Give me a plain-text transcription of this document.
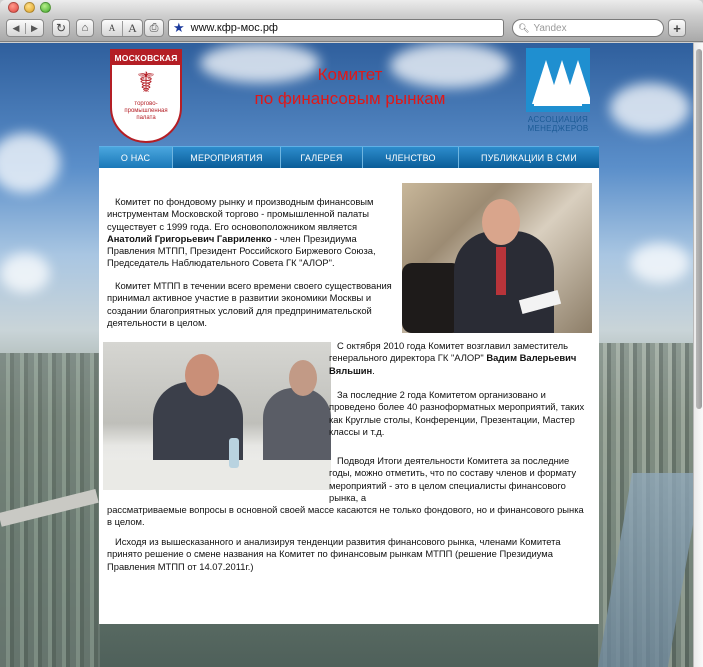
◀	▶	↻ ⌂	A	A	⎙ ★ www.кфр-мос.рф	🔍︎ Yandex	+
МОСКОВСКАЯ
☤
торгово-промышленная палата
Комитет
по финансовым рынкам
АССОЦИАЦИЯ
МЕНЕДЖЕРОВ
О НАС	МЕРОПРИЯТИЯ	ГАЛЕРЕЯ	ЧЛЕНСТВО	ПУБЛИКАЦИИ В СМИ
Комитет по фондовому рынку и производным финансовым инструментам Московской торгово - промышленной палаты существует с 1999 года. Его основоположником является Анатолий Григорьевич Гавриленко - член Президиума Правления МТПП, Президент Российского Биржевого Союза, Председатель Наблюдательного Совета ГК "АЛОР".
Комитет МТПП в течении всего времени своего существования принимал активное участие в развитии экономики Москвы и создании благоприятных условий для предпринимательской деятельности в целом.
С октября 2010 года Комитет возглавил заместитель генерального директора ГК "АЛОР" Вадим Валерьевич Вяльшин.
За последние 2 года Комитетом организовано и проведено более 40 разноформатных мероприятий, таких как Круглые столы, Конференции, Презентации, Мастер классы и т.д.
Подводя Итоги деятельности Комитета за последние годы, можно отметить, что по составу членов и формату мероприятий - это в целом специалисты финансового рынка, а
рассматриваемые вопросы в основной своей массе касаются не только фондового, но и финансового рынка в целом.
Исходя из вышесказанного и анализируя тенденции развития финансового рынка, членами Комитета принято решение о смене названия на Комитет по финансовым рынкам МТПП (решение Президиума Правления МТПП от 14.07.2011г.)
